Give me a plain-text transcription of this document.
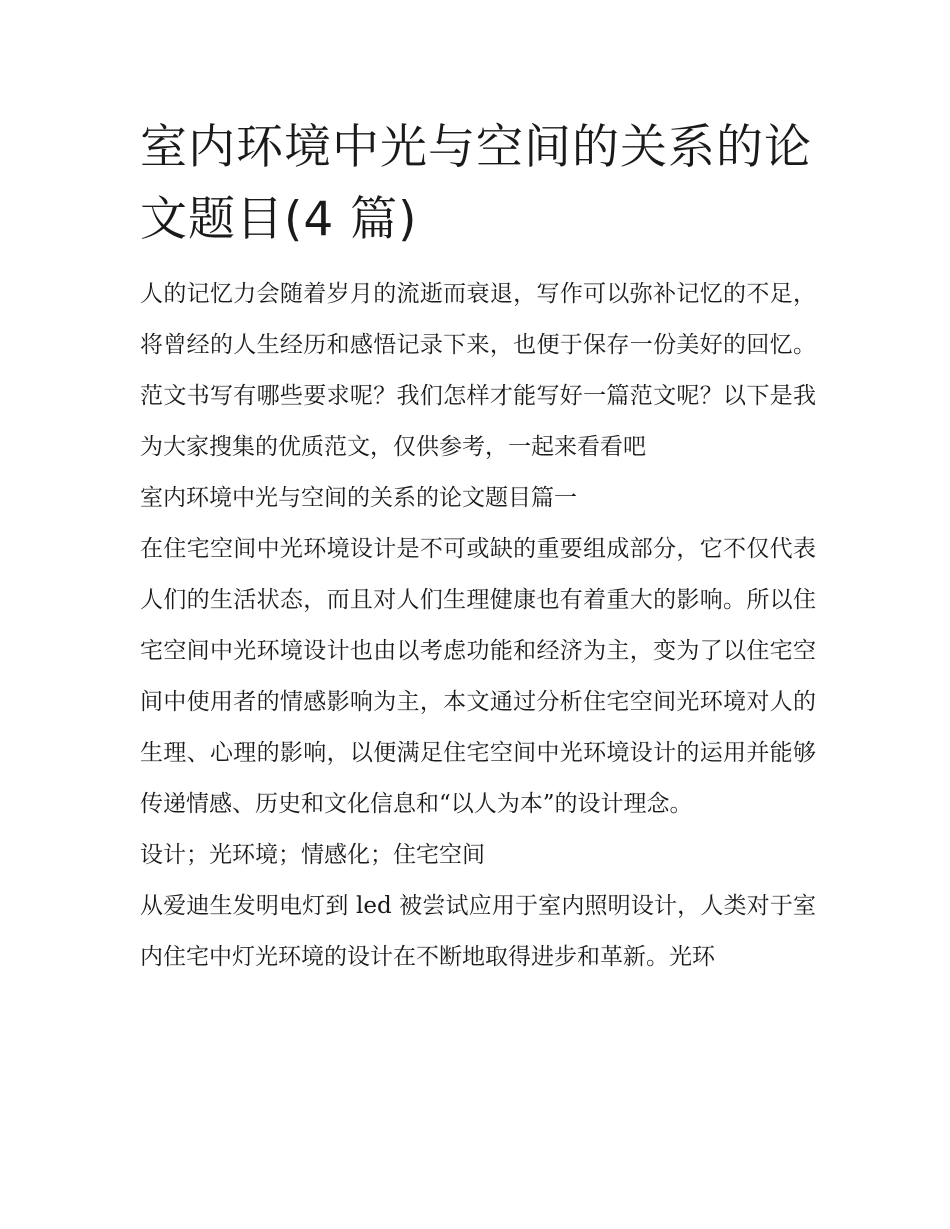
室内环境中光与空间的关系的论文题目(4 篇)

人的记忆力会随着岁月的流逝而衰退，写作可以弥补记忆的不足，将曾经的人生经历和感悟记录下来，也便于保存一份美好的回忆。范文书写有哪些要求呢？我们怎样才能写好一篇范文呢？以下是我为大家搜集的优质范文，仅供参考，一起来看看吧

室内环境中光与空间的关系的论文题目篇一

在住宅空间中光环境设计是不可或缺的重要组成部分，它不仅代表人们的生活状态，而且对人们生理健康也有着重大的影响。所以住宅空间中光环境设计也由以考虑功能和经济为主，变为了以住宅空间中使用者的情感影响为主，本文通过分析住宅空间光环境对人的生理、心理的影响，以便满足住宅空间中光环境设计的运用并能够传递情感、历史和文化信息和“以人为本”的设计理念。

设计；光环境；情感化；住宅空间

从爱迪生发明电灯到 led 被尝试应用于室内照明设计，人类对于室内住宅中灯光环境的设计在不断地取得进步和革新。光环
